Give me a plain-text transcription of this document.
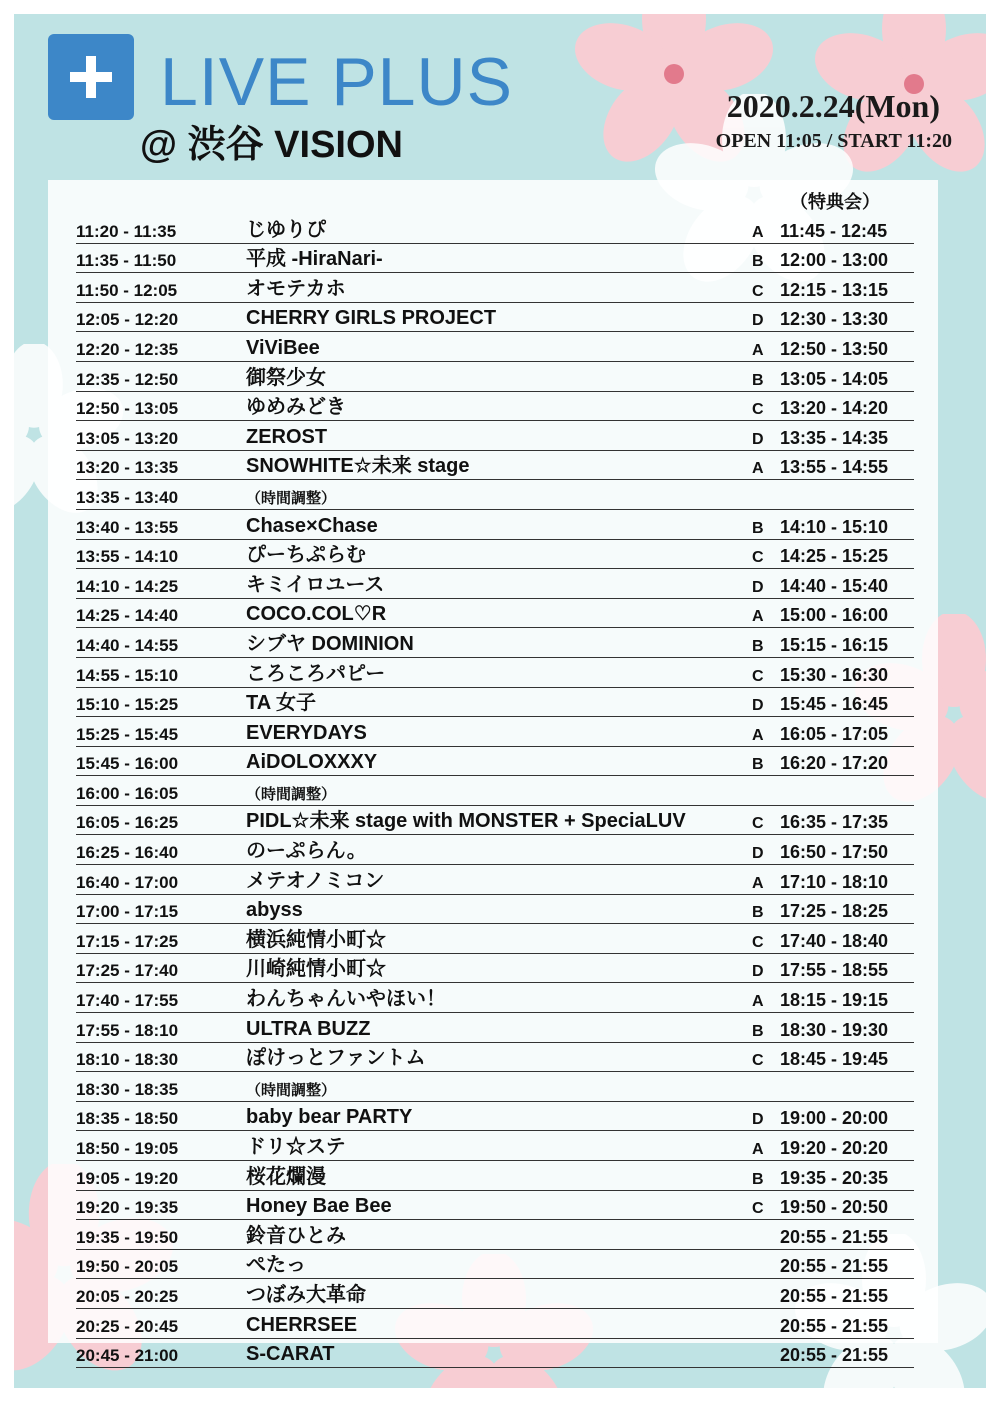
LIVE PLUS
@ 渋谷 VISION
2020.2.24(Mon)
OPEN 11:05 / START 11:20
（特典会）
11:20 - 11:35	じゆりぴ	A 11:45 - 12:45
11:35 - 11:50	平成 -HiraNari-	B 12:00 - 13:00
11:50 - 12:05	オモテカホ	C 12:15 - 13:15
12:05 - 12:20	CHERRY GIRLS PROJECT	D 12:30 - 13:30
12:20 - 12:35	ViViBee	A 12:50 - 13:50
12:35 - 12:50	御祭少女	B 13:05 - 14:05
12:50 - 13:05	ゆめみどき	C 13:20 - 14:20
13:05 - 13:20	ZEROST	D 13:35 - 14:35
13:20 - 13:35	SNOWHITE☆未来 stage	A 13:55 - 14:55
13:35 - 13:40	（時間調整）
13:40 - 13:55	Chase×Chase	B 14:10 - 15:10
13:55 - 14:10	ぴーちぷらむ	C 14:25 - 15:25
14:10 - 14:25	キミイロユース	D 14:40 - 15:40
14:25 - 14:40	COCO.COL♡R	A 15:00 - 16:00
14:40 - 14:55	シブヤ DOMINION	B 15:15 - 16:15
14:55 - 15:10	ころころパピー	C 15:30 - 16:30
15:10 - 15:25	TA 女子	D 15:45 - 16:45
15:25 - 15:45	EVERYDAYS	A 16:05 - 17:05
15:45 - 16:00	AiDOLOXXXY	B 16:20 - 17:20
16:00 - 16:05	（時間調整）
16:05 - 16:25	PIDL☆未来 stage with MONSTER + SpeciaLUV	C 16:35 - 17:35
16:25 - 16:40	のーぷらん。	D 16:50 - 17:50
16:40 - 17:00	メテオノミコン	A 17:10 - 18:10
17:00 - 17:15	abyss	B 17:25 - 18:25
17:15 - 17:25	横浜純情小町☆	C 17:40 - 18:40
17:25 - 17:40	川崎純情小町☆	D 17:55 - 18:55
17:40 - 17:55	わんちゃんいやほい！	A 18:15 - 19:15
17:55 - 18:10	ULTRA BUZZ	B 18:30 - 19:30
18:10 - 18:30	ぽけっとファントム	C 18:45 - 19:45
18:30 - 18:35	（時間調整）
18:35 - 18:50	baby bear PARTY	D 19:00 - 20:00
18:50 - 19:05	ドリ☆ステ	A 19:20 - 20:20
19:05 - 19:20	桜花爛漫	B 19:35 - 20:35
19:20 - 19:35	Honey Bae Bee	C 19:50 - 20:50
19:35 - 19:50	鈴音ひとみ	20:55 - 21:55
19:50 - 20:05	ぺたっ	20:55 - 21:55
20:05 - 20:25	つぼみ大革命	20:55 - 21:55
20:25 - 20:45	CHERRSEE	20:55 - 21:55
20:45 - 21:00	S-CARAT	20:55 - 21:55
